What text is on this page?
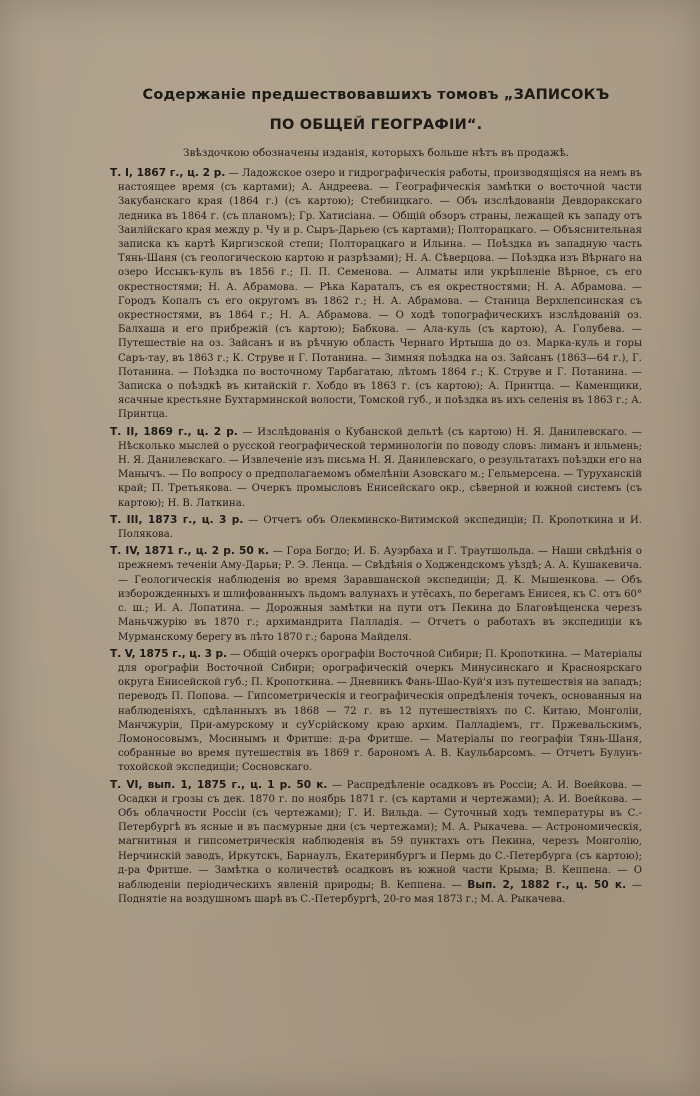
Содержаніе предшествовавшихъ томовъ „ЗАПИСОКЪ
ПО ОБЩЕЙ ГЕОГРАФІИ“.

Звѣздочкою обозначены изданія, которыхъ больше нѣтъ въ продажѣ.

Т. I, 1867 г., ц. 2 р. — Ладожское озеро и гидрографическія работы, производящіяся на немъ въ настоящее время (съ картами); А. Андреева. — Географическія замѣтки о восточной части Закубанскаго края (1864 г.) (съ картою); Стебницкаго. — Объ изслѣдованіи Девдоракскаго ледника въ 1864 г. (съ планомъ); Гр. Хатисіана. — Общій обзоръ страны, лежащей къ западу отъ Заилійскаго края между р. Чу и р. Сыръ-Дарьею (съ картами); Полторацкаго. — Объяснительная записка къ картѣ Киргизской степи; Полторацкаго и Ильина. — Поѣздка въ западную часть Тянь-Шаня (съ геологическою картою и разрѣзами); Н. А. Сѣверцова. — Поѣздка изъ Вѣрнаго на озеро Иссыкъ-куль въ 1856 г.; П. П. Семенова. — Алматы или укрѣпленіе Вѣрное, съ его окрестностями; Н. А. Абрамова. — Рѣка Караталъ, съ ея окрестностями; Н. А. Абрамова. — Городъ Копалъ съ его округомъ въ 1862 г.; Н. А. Абрамова. — Станица Верхлепсинская съ окрестностями, въ 1864 г.; Н. А. Абрамова. — О ходѣ топографическихъ изслѣдованій оз. Балхаша и его прибрежій (съ картою); Бабкова. — Ала-куль (съ картою), А. Голубева. — Путешествіе на оз. Зайсанъ и въ рѣчную область Чернаго Иртыша до оз. Марка-куль и горы Саръ-тау, въ 1863 г.; К. Струве и Г. Потанина. — Зимняя поѣздка на оз. Зайсанъ (1863—64 г.), Г. Потанина. — Поѣздка по восточному Тарбагатаю, лѣтомъ 1864 г.; К. Струве и Г. Потанина. — Записка о поѣздкѣ въ китайскій г. Хобдо въ 1863 г. (съ картою); А. Принтца. — Каменщики, ясачные крестьяне Бухтарминской волости, Томской губ., и поѣздка въ ихъ селенія въ 1863 г.; А. Принтца.

Т. II, 1869 г., ц. 2 р. — Изслѣдованія о Кубанской дельтѣ (съ картою) Н. Я. Данилевскаго. — Нѣсколько мыслей о русской географической терминологіи по поводу словъ: лиманъ и ильмень; Н. Я. Данилевскаго. — Извлеченіе изъ письма Н. Я. Данилевскаго, о результатахъ поѣздки его на Манычъ. — По вопросу о предполагаемомъ обмелѣніи Азовскаго м.; Гельмерсена. — Туруханскій край; П. Третьякова. — Очеркъ промысловъ Енисейскаго окр., сѣверной и южной системъ (съ картою); Н. В. Латкина.

Т. III, 1873 г., ц. 3 р. — Отчетъ объ Олекминско-Витимской экспедиціи; П. Кропоткина и И. Полякова.

Т. IV, 1871 г., ц. 2 р. 50 к. — Гора Богдо; И. Б. Ауэрбаха и Г. Траутшольда. — Наши свѣдѣнія о прежнемъ теченіи Аму-Дарьи; Р. Э. Ленца. — Свѣдѣнія о Ходжендскомъ уѣздѣ; А. А. Кушакевича. — Геологическія наблюденія во время Заравшанской экспедиціи; Д. К. Мышенкова. — Объ изборожденныхъ и шлифованныхъ льдомъ валунахъ и утёсахъ, по берегамъ Енисея, къ С. отъ 60° с. ш.; И. А. Лопатина. — Дорожныя замѣтки на пути отъ Пекина до Благовѣщенска черезъ Маньчжурію въ 1870 г.; архимандрита Палладія. — Отчетъ о работахъ въ экспедиціи къ Мурманскому берегу въ лѣто 1870 г.; барона Майделя.

Т. V, 1875 г., ц. 3 р. — Общій очеркъ орографіи Восточной Сибири; П. Кропоткина. — Матеріалы для орографіи Восточной Сибири; орографическій очеркъ Минусинскаго и Красноярскаго округа Енисейской губ.; П. Кропоткина. — Дневникъ Фань-Шао-Куй'я изъ путешествія на западъ; переводъ П. Попова. — Гипсометрическія и географическія опредѣленія точекъ, основанныя на наблюденіяхъ, сдѣланныхъ въ 1868 — 72 г. въ 12 путешествіяхъ по С. Китаю, Монголіи, Манчжуріи, При-амурскому и суУсрійскому краю архим. Палладіемъ, гг. Пржевальскимъ, Ломоносовымъ, Мосинымъ и Фритше: д-ра Фритше. — Матеріалы по географіи Тянь-Шаня, собранные во время путешествія въ 1869 г. барономъ А. В. Каульбарсомъ. — Отчетъ Булунъ-тохойской экспедиціи; Сосновскаго.

Т. VI, вып. 1, 1875 г., ц. 1 р. 50 к. — Распредѣленіе осадковъ въ Россіи; А. И. Воейкова. — Осадки и грозы съ дек. 1870 г. по ноябрь 1871 г. (съ картами и чертежами); А. И. Воейкова. — Объ облачности Россіи (съ чертежами); Г. И. Вильда. — Суточный ходъ температуры въ С.-Петербургѣ въ ясные и въ пасмурные дни (съ чертежами); М. А. Рыкачева. — Астрономическія, магнитныя и гипсометрическія наблюденія въ 59 пунктахъ отъ Пекина, черезъ Монголію, Нерчинскій заводъ, Иркутскъ, Барнаулъ, Екатеринбургъ и Пермь до С.-Петербурга (съ картою); д-ра Фритше. — Замѣтка о количествѣ осадковъ въ южной части Крыма; В. Кеппена. — О наблюденіи періодическихъ явленій природы; В. Кеппена. — Вып. 2, 1882 г., ц. 50 к. — Поднятіе на воздушномъ шарѣ въ С.-Петербургѣ, 20-го мая 1873 г.; М. А. Рыкачева.
